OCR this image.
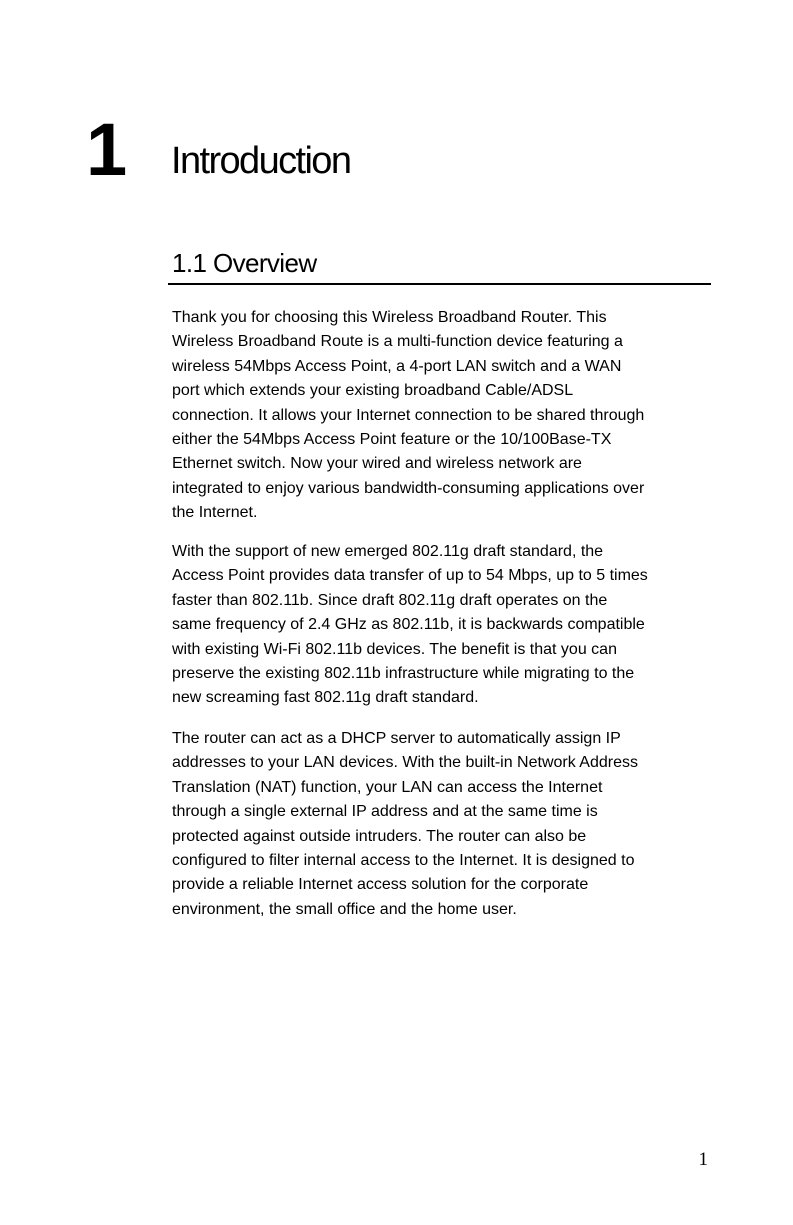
1 Introduction
1.1 Overview

Thank you for choosing this Wireless Broadband Router. This
Wireless Broadband Route is a multi-function device featuring a
wireless 54Mbps Access Point, a 4-port LAN switch and a WAN
port which extends your existing broadband Cable/ADSL
connection. It allows your Internet connection to be shared through
either the 54Mbps Access Point feature or the 10/100Base-TX
Ethernet switch. Now your wired and wireless network are
integrated to enjoy various bandwidth-consuming applications over
the Internet.

With the support of new emerged 802.11g draft standard, the
Access Point provides data transfer of up to 54 Mbps, up to 5 times
faster than 802.11b. Since draft 802.11g draft operates on the
same frequency of 2.4 GHz as 802.11b, it is backwards compatible
with existing Wi-Fi 802.11b devices. The benefit is that you can
preserve the existing 802.11b infrastructure while migrating to the
new screaming fast 802.11g draft standard.

The router can act as a DHCP server to automatically assign IP
addresses to your LAN devices. With the built-in Network Address
Translation (NAT) function, your LAN can access the Internet
through a single external IP address and at the same time is
protected against outside intruders. The router can also be
configured to filter internal access to the Internet. It is designed to
provide a reliable Internet access solution for the corporate
environment, the small office and the home user.

1
